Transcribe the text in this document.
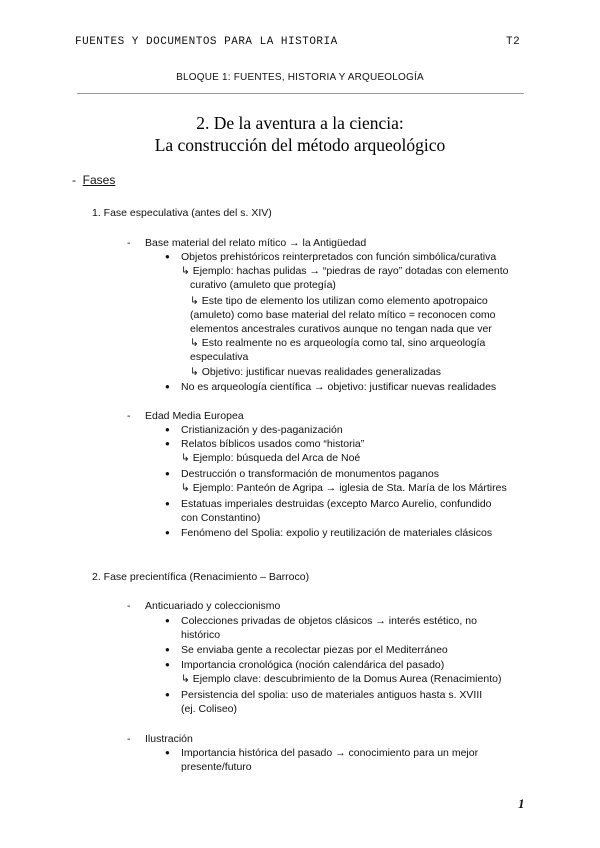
FUENTES Y DOCUMENTOS PARA LA HISTORIA	T2
BLOQUE 1: FUENTES, HISTORIA Y ARQUEOLOGÍA
2. De la aventura a la ciencia:
La construcción del método arqueológico
- Fases
1. Fase especulativa (antes del s. XIV)
- Base material del relato mítico → la Antigüedad
● Objetos prehistóricos reinterpretados con función simbólica/curativa
↳ Ejemplo: hachas pulidas → “piedras de rayo” dotadas con elemento
curativo (amuleto que protegía)
↳ Este tipo de elemento los utilizan como elemento apotropaico
(amuleto) como base material del relato mítico = reconocen como
elementos ancestrales curativos aunque no tengan nada que ver
↳ Esto realmente no es arqueología como tal, sino arqueología
especulativa
↳ Objetivo: justificar nuevas realidades generalizadas
● No es arqueología científica → objetivo: justificar nuevas realidades
- Edad Media Europea
● Cristianización y des-paganización
● Relatos bíblicos usados como “historia”
↳ Ejemplo: búsqueda del Arca de Noé
● Destrucción o transformación de monumentos paganos
↳ Ejemplo: Panteón de Agripa → iglesia de Sta. María de los Mártires
● Estatuas imperiales destruidas (excepto Marco Aurelio, confundido
con Constantino)
● Fenómeno del Spolia: expolio y reutilización de materiales clásicos
2. Fase precientífica (Renacimiento – Barroco)
- Anticuariado y coleccionismo
● Colecciones privadas de objetos clásicos → interés estético, no
histórico
● Se enviaba gente a recolectar piezas por el Mediterráneo
● Importancia cronológica (noción calendárica del pasado)
↳ Ejemplo clave: descubrimiento de la Domus Aurea (Renacimiento)
● Persistencia del spolia: uso de materiales antiguos hasta s. XVIII
(ej. Coliseo)
- Ilustración
● Importancia histórica del pasado → conocimiento para un mejor
presente/futuro
1
